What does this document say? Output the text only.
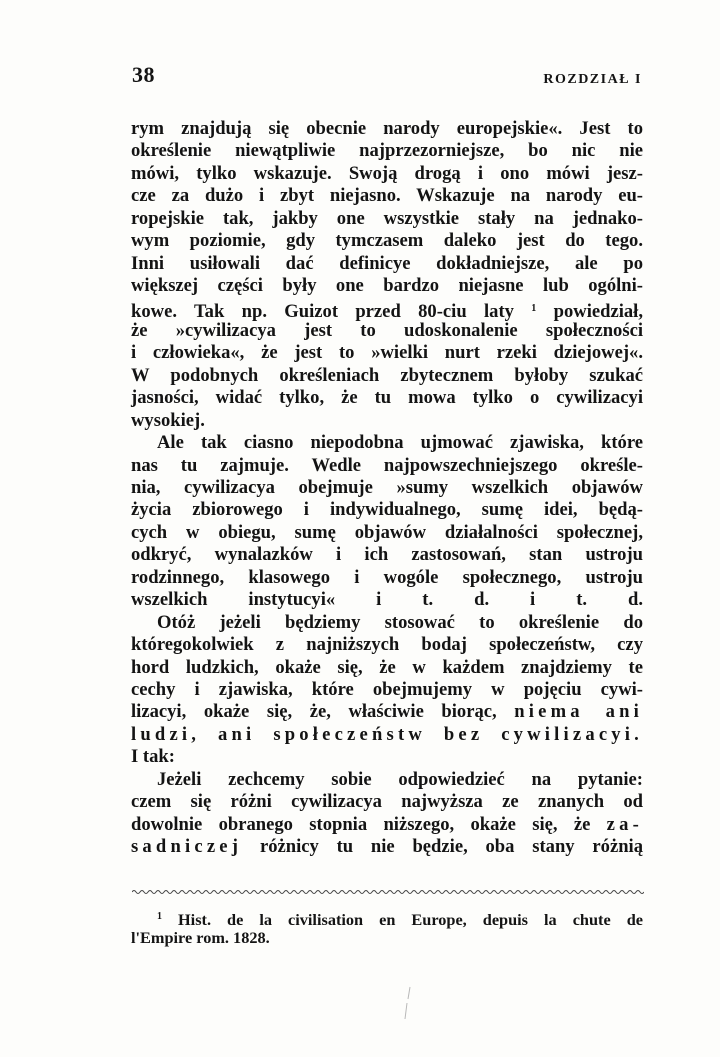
38	ROZDZIAŁ I
rym znajdują się obecnie narody europejskie«. Jest to
określenie niewątpliwie najprzezorniejsze, bo nic nie
mówi, tylko wskazuje. Swoją drogą i ono mówi jesz-
cze za dużo i zbyt niejasno. Wskazuje na narody eu-
ropejskie tak, jakby one wszystkie stały na jednako-
wym poziomie, gdy tymczasem daleko jest do tego.
Inni usiłowali dać definicye dokładniejsze, ale po
większej części były one bardzo niejasne lub ogólni-
kowe. Tak np. Guizot przed 80-ciu laty $^1$ powiedział,
że »cywilizacya jest to udoskonalenie społeczności
i człowieka«, że jest to »wielki nurt rzeki dziejowej«.
W podobnych określeniach zbytecznem byłoby szukać
jasności, widać tylko, że tu mowa tylko o cywilizacyi
wysokiej.
Ale tak ciasno niepodobna ujmować zjawiska, które
nas tu zajmuje. Wedle najpowszechniejszego określe-
nia, cywilizacya obejmuje »sumy wszelkich objawów
życia zbiorowego i indywidualnego, sumę idei, będą-
cych w obiegu, sumę objawów działalności społecznej,
odkryć, wynalazków i ich zastosowań, stan ustroju
rodzinnego, klasowego i wogóle społecznego, ustroju
wszelkich instytucyi« i t. d. i t. d.
Otóż jeżeli będziemy stosować to określenie do
któregokolwiek z najniższych bodaj społeczeństw, czy
hord ludzkich, okaże się, że w każdem znajdziemy te
cechy i zjawiska, które obejmujemy w pojęciu cywi-
lizacyi, okaże się, że, właściwie biorąc, niema ani
ludzi, ani społeczeństw bez cywilizacyi.
I tak:
Jeżeli zechcemy sobie odpowiedzieć na pytanie:
czem się różni cywilizacya najwyższa ze znanych od
dowolnie obranego stopnia niższego, okaże się, że za-
sadniczej różnicy tu nie będzie, oba stany różnią
$^1$ Hist. de la civilisation en Europe, depuis la chute de
l'Empire rom. 1828.
